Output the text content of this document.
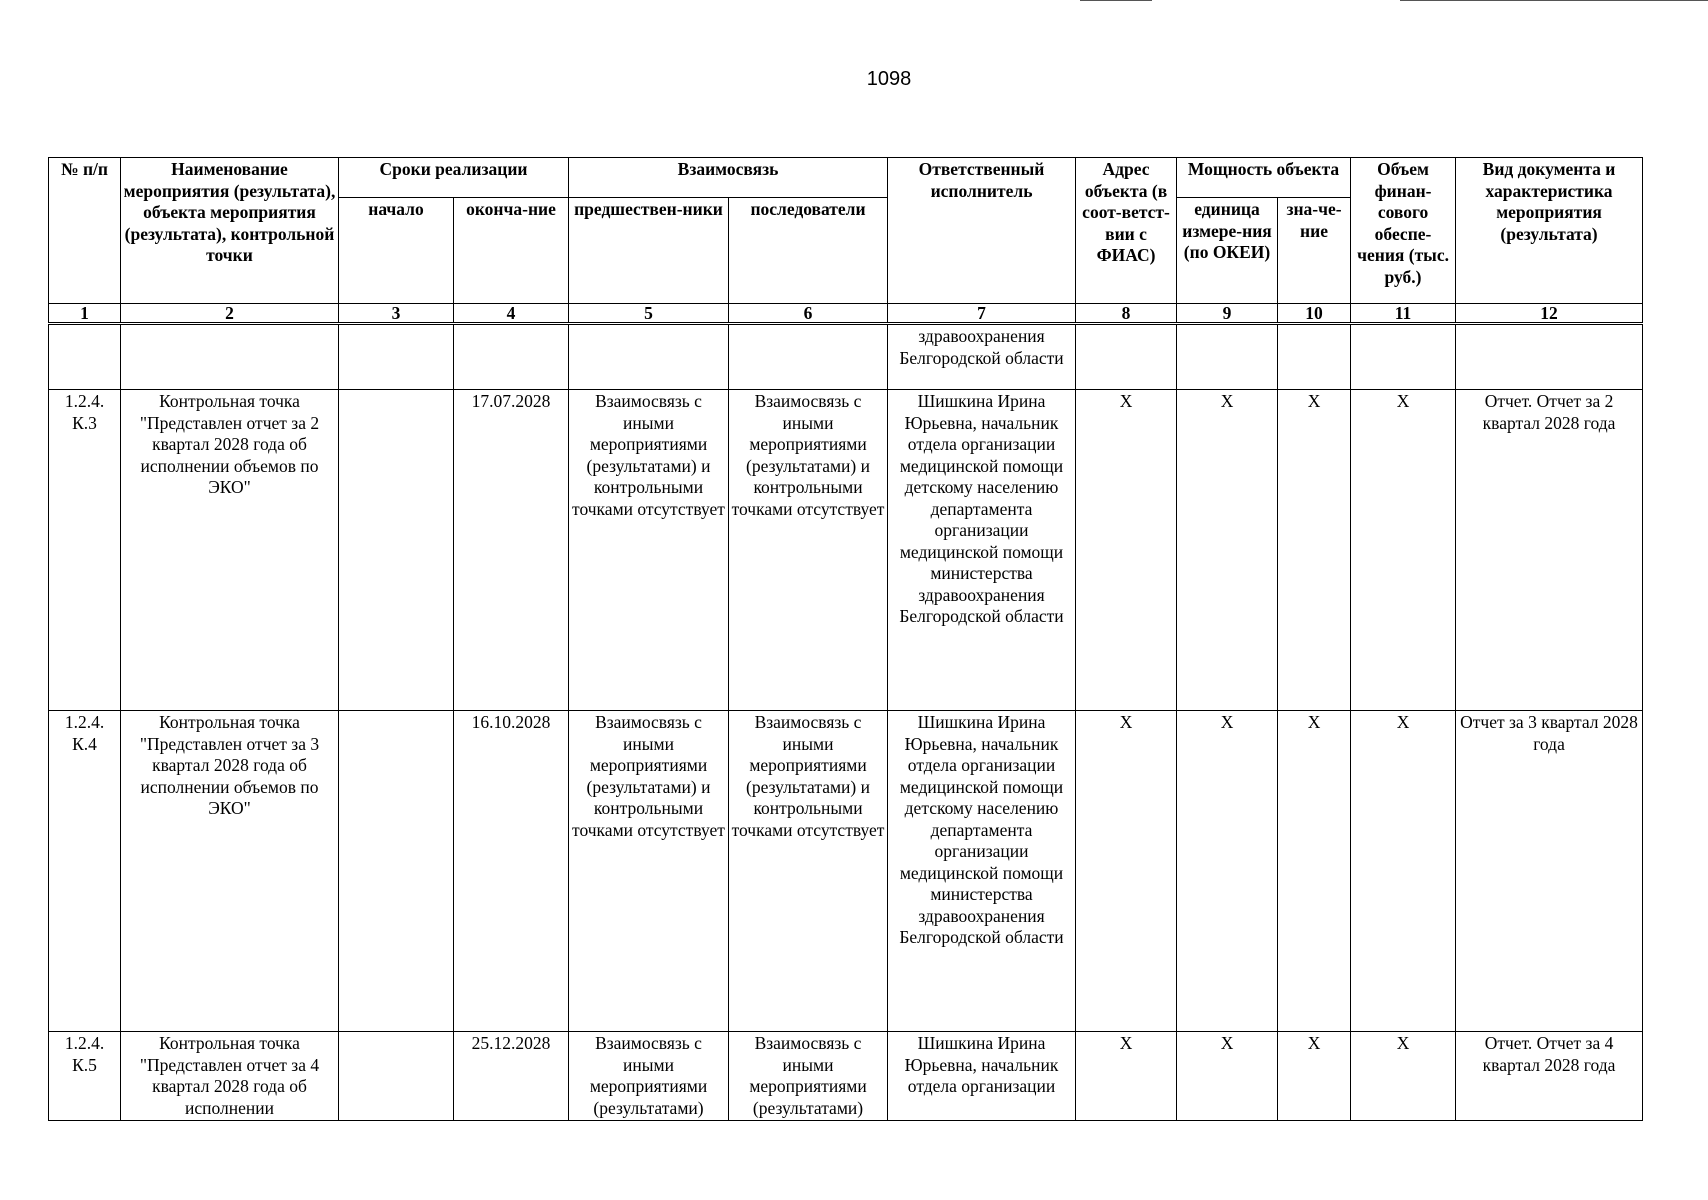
1098
№ п/п	Наименование мероприятия (результата), объекта мероприятия (результата), контрольной точки	Сроки реализации		Взаимосвязь		Ответственный исполнитель	Адрес объекта (в соот-ветст-вии с ФИАС)	Мощность объекта		Объем финан-сового обеспе-чения (тыс. руб.)	Вид документа и характеристика мероприятия (результата)
		начало	оконча-ние	предшествен-ники	последователи			единица измере-ния (по ОКЕИ)	зна-че-ние		
1	2	3	4	5	6	7	8	9	10	11	12
						здравоохранения Белгородской области					
1.2.4. К.3	Контрольная точка "Представлен отчет за 2 квартал 2028 года об исполнении объемов по ЭКО"		17.07.2028	Взаимосвязь с иными мероприятиями (результатами) и контрольными точками отсутствует	Взаимосвязь с иными мероприятиями (результатами) и контрольными точками отсутствует	Шишкина Ирина Юрьевна, начальник отдела организации медицинской помощи детскому населению департамента организации медицинской помощи министерства здравоохранения Белгородской области	X	X	X	X	Отчет. Отчет за 2 квартал 2028 года
1.2.4. К.4	Контрольная точка "Представлен отчет за 3 квартал 2028 года об исполнении объемов по ЭКО"		16.10.2028	Взаимосвязь с иными мероприятиями (результатами) и контрольными точками отсутствует	Взаимосвязь с иными мероприятиями (результатами) и контрольными точками отсутствует	Шишкина Ирина Юрьевна, начальник отдела организации медицинской помощи детскому населению департамента организации медицинской помощи министерства здравоохранения Белгородской области	X	X	X	X	Отчет за 3 квартал 2028 года
1.2.4. К.5	Контрольная точка "Представлен отчет за 4 квартал 2028 года об исполнении		25.12.2028	Взаимосвязь с иными мероприятиями (результатами)	Взаимосвязь с иными мероприятиями (результатами)	Шишкина Ирина Юрьевна, начальник отдела организации	X	X	X	X	Отчет. Отчет за 4 квартал 2028 года
